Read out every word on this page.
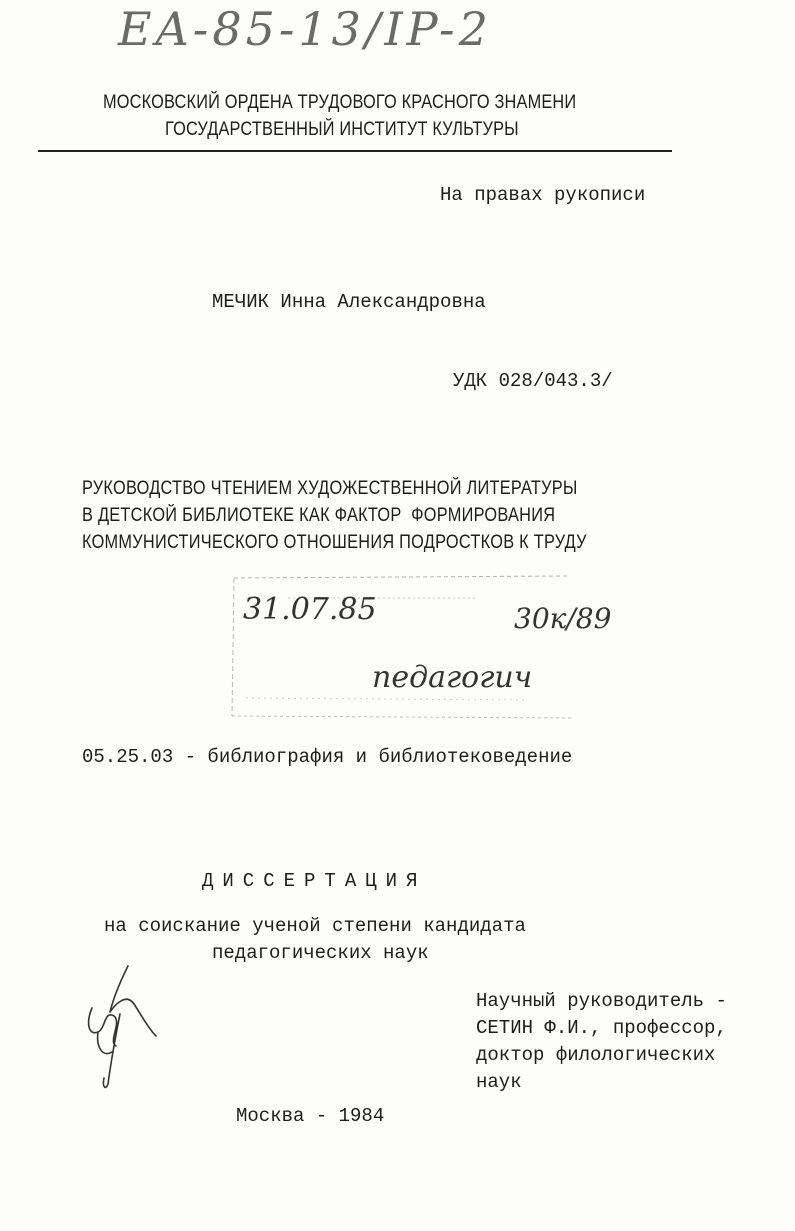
EA-85-13/IP-2
МОСКОВСКИЙ ОРДЕНА ТРУДОВОГО КРАСНОГО ЗНАМЕНИ
ГОСУДАРСТВЕННЫЙ ИНСТИТУТ КУЛЬТУРЫ
На правах рукописи
МЕЧИК Инна Александровна
УДК 028/043.3/
РУКОВОДСТВО ЧТЕНИЕМ ХУДОЖЕСТВЕННОЙ ЛИТЕРАТУРЫ
В ДЕТСКОЙ БИБЛИОТЕКЕ КАК ФАКТОР  ФОРМИРОВАНИЯ
КОММУНИСТИЧЕСКОГО ОТНОШЕНИЯ ПОДРОСТКОВ К ТРУДУ
31.07.85	30к/89
педагогич
05.25.03 - библиография и библиотековедение
ДИССЕРТАЦИЯ
на соискание ученой степени кандидата
педагогических наук
Научный руководитель -
СЕТИН Ф.И., профессор,
доктор филологических
наук
Москва - 1984
